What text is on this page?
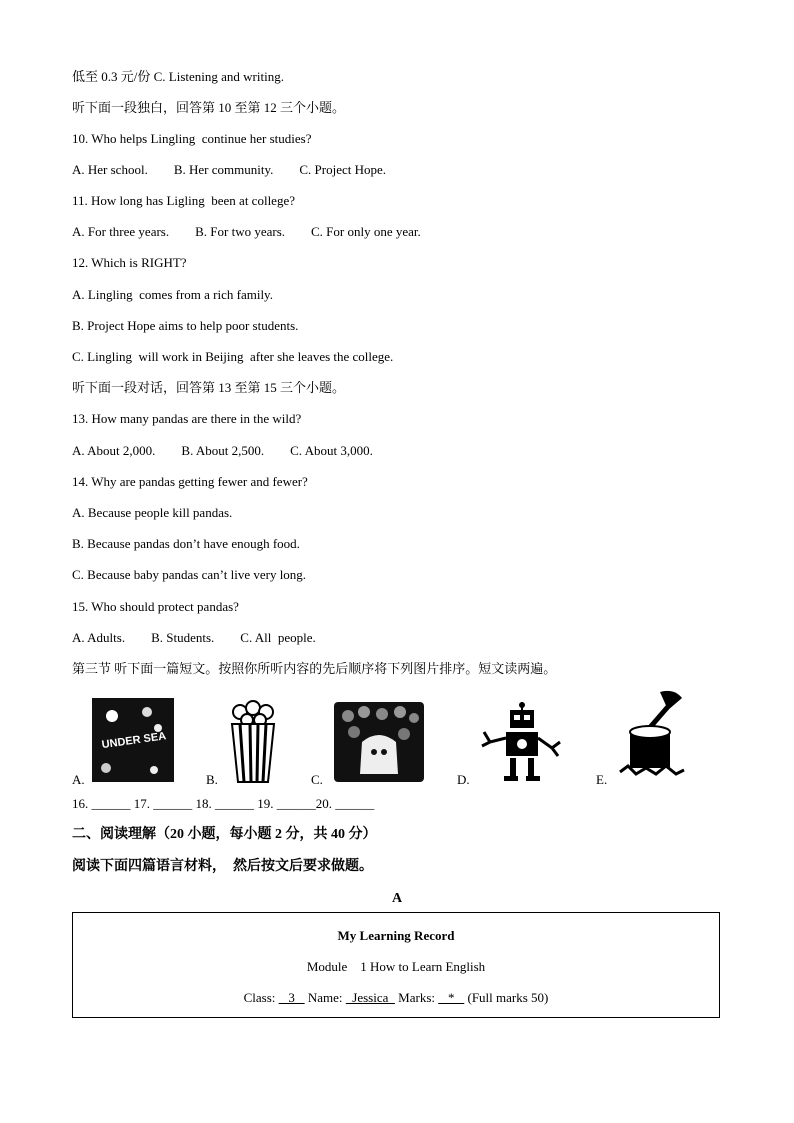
低至 0.3 元/份 C. Listening and writing.
听下面一段独白，回答第 10 至第 12 三个小题。
10. Who helps Lingling  continue her studies?
A. Her school.        B. Her community.        C. Project Hope.
11. How long has Ligling  been at college?
A. For three years.        B. For two years.        C. For only one year.
12. Which is RIGHT?
A. Lingling  comes from a rich family.
B. Project Hope aims to help poor students.
C. Lingling  will work in Beijing  after she leaves the college.
听下面一段对话，回答第 13 至第 15 三个小题。
13. How many pandas are there in the wild?
A. About 2,000.        B. About 2,500.        C. About 3,000.
14. Why are pandas getting fewer and fewer?
A. Because people kill pandas.
B. Because pandas don’t have enough food.
C. Because baby pandas can’t live very long.
15. Who should protect pandas?
A. Adults.        B. Students.        C. All  people.
第三节 听下面一篇短文。按照你所听内容的先后顺序将下列图片排序。短文读两遍。
A.
UNDER SEA
B.	C.	D.	E.
16. ______ 17. ______ 18. ______ 19. ______20. ______
二、阅读理解（20 小题，每小题 2 分，共 40 分）
阅读下面四篇语言材料，  然后按文后要求做题。
A
My Learning Record
Module    1 How to Learn English
Class:    3    Name:   Jessica   Marks:    *    (Full marks 50)
